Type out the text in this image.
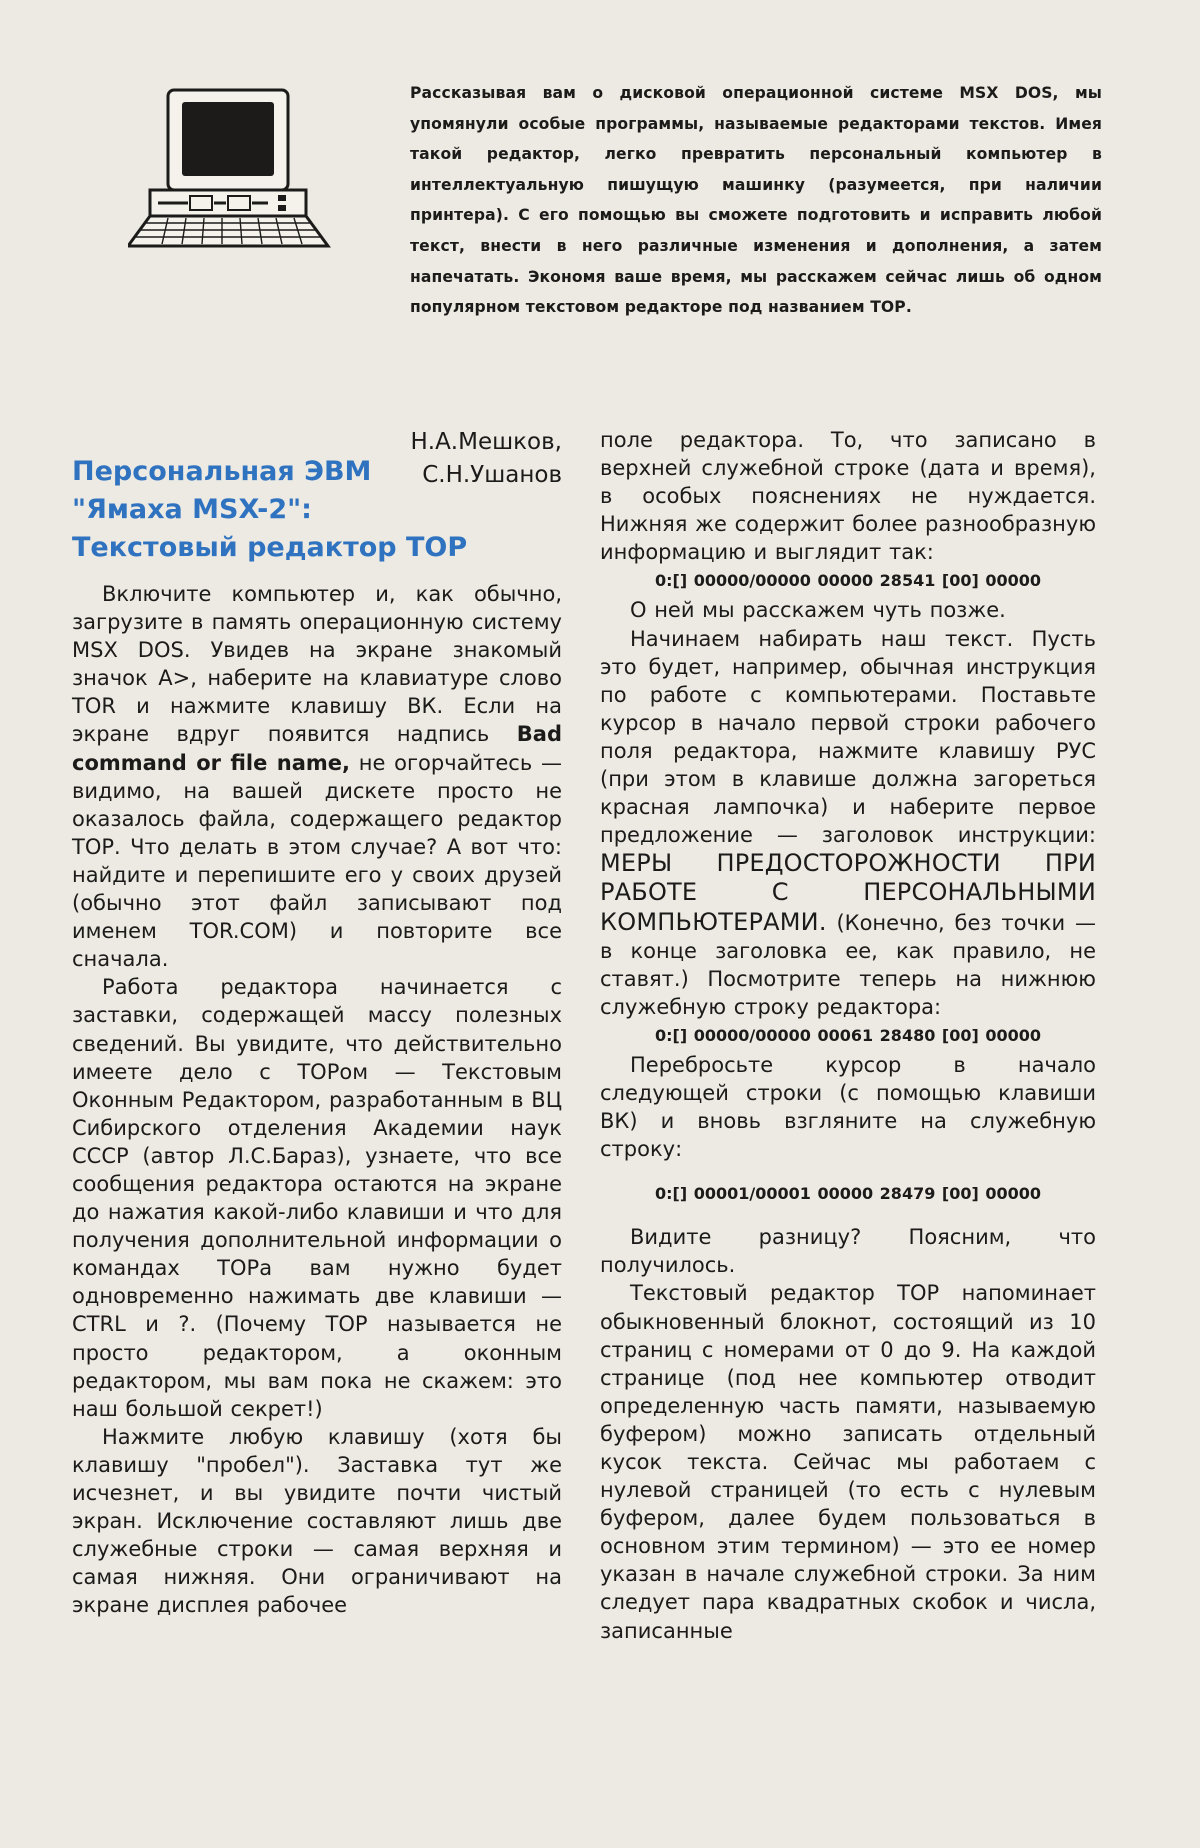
Рассказывая вам о дисковой операционной системе MSX DOS, мы упомянули особые программы, называемые редакторами текстов. Имея такой редактор, легко превратить персональный компьютер в интеллектуальную пишущую машинку (разумеется, при наличии принтера). С его помощью вы сможете подготовить и исправить любой текст, внести в него различные изменения и дополнения, а затем напечатать. Экономя ваше время, мы расскажем сейчас лишь об одном популярном текстовом редакторе под названием ТОР.
Н.А.Мешков,
С.Н.Ушанов
Персональная ЭВМ
"Ямаха MSX-2":
Текстовый редактор ТОР

Включите компьютер и, как обычно, загрузите в память операционную систему MSX DOS. Увидев на экране знакомый значок A>, наберите на клавиатуре слово TOR и нажмите клавишу ВК. Если на экране вдруг появится надпись Bad command or file name, не огорчайтесь — видимо, на вашей дискете просто не оказалось файла, содержащего редактор ТОР. Что делать в этом случае? А вот что: найдите и перепишите его у своих друзей (обычно этот файл записывают под именем TOR.COM) и повторите все сначала.

Работа редактора начинается с заставки, содержащей массу полезных сведений. Вы увидите, что действительно имеете дело с ТОРом — Текстовым Оконным Редактором, разработанным в ВЦ Сибирского отделения Академии наук СССР (автор Л.С.Бараз), узнаете, что все сообщения редактора остаются на экране до нажатия какой-либо клавиши и что для получения дополнительной информации о командах ТОРа вам нужно будет одновременно нажимать две клавиши — CTRL и ?. (Почему ТОР называется не просто редактором, а оконным редактором, мы вам пока не скажем: это наш большой секрет!)

Нажмите любую клавишу (хотя бы клавишу "пробел"). Заставка тут же исчезнет, и вы увидите почти чистый экран. Исключение составляют лишь две служебные строки — самая верхняя и самая нижняя. Они ограничивают на экране дисплея рабочее

поле редактора. То, что записано в верхней служебной строке (дата и время), в особых пояснениях не нуждается. Нижняя же содержит более разнообразную информацию и выглядит так:

0:[] 00000/00000 00000 28541 [00] 00000

О ней мы расскажем чуть позже.

Начинаем набирать наш текст. Пусть это будет, например, обычная инструкция по работе с компьютерами. Поставьте курсор в начало первой строки рабочего поля редактора, нажмите клавишу РУС (при этом в клавише должна загореться красная лампочка) и наберите первое предложение — заголовок инструкции: МЕРЫ ПРЕДОСТОРОЖНОСТИ ПРИ РАБОТЕ С ПЕРСОНАЛЬНЫМИ КОМПЬЮТЕРАМИ. (Конечно, без точки — в конце заголовка ее, как правило, не ставят.) Посмотрите теперь на нижнюю служебную строку редактора:

0:[] 00000/00000 00061 28480 [00] 00000

Перебросьте курсор в начало следующей строки (с помощью клавиши ВК) и вновь взгляните на служебную строку:

0:[] 00001/00001 00000 28479 [00] 00000

Видите разницу? Поясним, что получилось.

Текстовый редактор ТОР напоминает обыкновенный блокнот, состоящий из 10 страниц с номерами от 0 до 9. На каждой странице (под нее компьютер отводит определенную часть памяти, называемую буфером) можно записать отдельный кусок текста. Сейчас мы работаем с нулевой страницей (то есть с нулевым буфером, далее будем пользоваться в основном этим термином) — это ее номер указан в начале служебной строки. За ним следует пара квадратных скобок и числа, записанные
